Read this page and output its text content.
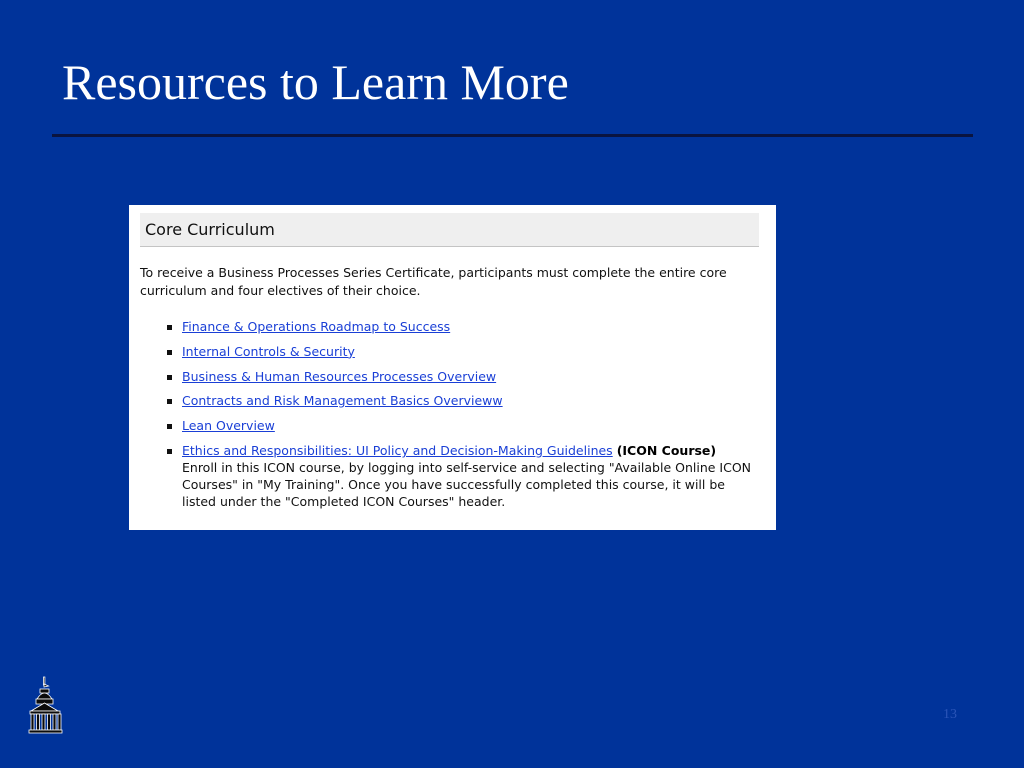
Resources to Learn More
Core Curriculum

To receive a Business Processes Series Certificate, participants must complete the entire core curriculum and four electives of their choice.

Finance & Operations Roadmap to Success
Internal Controls & Security
Business & Human Resources Processes Overview
Contracts and Risk Management Basics Overvieww
Lean Overview
Ethics and Responsibilities: UI Policy and Decision-Making Guidelines (ICON Course)
Enroll in this ICON course, by logging into self-service and selecting "Available Online ICON Courses" in "My Training". Once you have successfully completed this course, it will be listed under the "Completed ICON Courses" header.
13
